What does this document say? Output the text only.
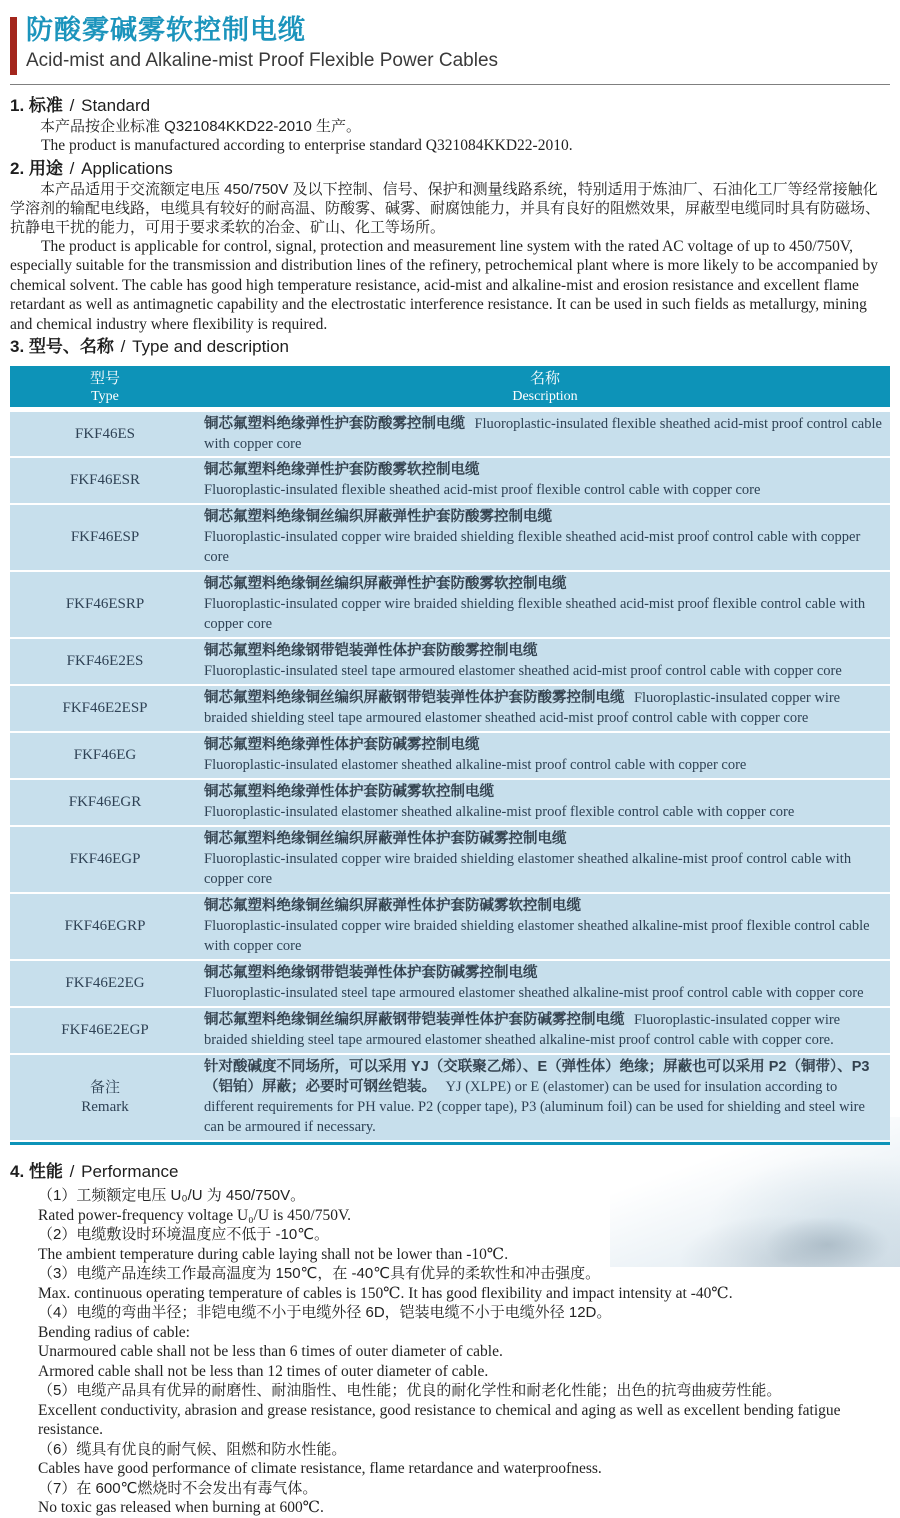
防酸雾碱雾软控制电缆
Acid-mist and Alkaline-mist Proof Flexible Power Cables
1. 标准 / Standard

本产品按企业标准 Q321084KKD22-2010 生产。

The product is manufactured according to enterprise standard Q321084KKD22-2010.

2. 用途 / Applications

本产品适用于交流额定电压 450/750V 及以下控制、信号、保护和测量线路系统，特别适用于炼油厂、石油化工厂等经常接触化学溶剂的输配电线路，电缆具有较好的耐高温、防酸雾、碱雾、耐腐蚀能力，并具有良好的阻燃效果，屏蔽型电缆同时具有防磁场、抗静电干扰的能力，可用于要求柔软的冶金、矿山、化工等场所。

The product is applicable for control, signal, protection and measurement line system with the rated AC voltage of up to 450/750V, especially suitable for the transmission and distribution lines of the refinery, petrochemical plant where is more likely to be accompanied by chemical solvent. The cable has good high temperature resistance, acid-mist and alkaline-mist and erosion resistance and excellent flame retardant as well as antimagnetic capability and the electrostatic interference resistance. It can be used in such fields as metallurgy, mining and chemical industry where flexibility is required.

3. 型号、名称 / Type and description
型号
Type
名称
Description
FKF46ES
铜芯氟塑料绝缘弹性护套防酸雾控制电缆 Fluoroplastic-insulated flexible sheathed acid-mist proof control cable with copper core
FKF46ESR
铜芯氟塑料绝缘弹性护套防酸雾软控制电缆
Fluoroplastic-insulated flexible sheathed acid-mist proof flexible control cable with copper core
FKF46ESP
铜芯氟塑料绝缘铜丝编织屏蔽弹性护套防酸雾控制电缆
Fluoroplastic-insulated copper wire braided shielding flexible sheathed acid-mist proof control cable with copper core
FKF46ESRP
铜芯氟塑料绝缘铜丝编织屏蔽弹性护套防酸雾软控制电缆
Fluoroplastic-insulated copper wire braided shielding flexible sheathed acid-mist proof flexible control cable with copper core
FKF46E2ES
铜芯氟塑料绝缘钢带铠装弹性体护套防酸雾控制电缆
Fluoroplastic-insulated steel tape armoured elastomer sheathed acid-mist proof control cable with copper core
FKF46E2ESP
铜芯氟塑料绝缘铜丝编织屏蔽钢带铠装弹性体护套防酸雾控制电缆 Fluoroplastic-insulated copper wire braided shielding steel tape armoured elastomer sheathed acid-mist proof control cable with copper core
FKF46EG
铜芯氟塑料绝缘弹性体护套防碱雾控制电缆
Fluoroplastic-insulated elastomer sheathed alkaline-mist proof control cable with copper core
FKF46EGR
铜芯氟塑料绝缘弹性体护套防碱雾软控制电缆
Fluoroplastic-insulated elastomer sheathed alkaline-mist proof flexible control cable with copper core
FKF46EGP
铜芯氟塑料绝缘铜丝编织屏蔽弹性体护套防碱雾控制电缆
Fluoroplastic-insulated copper wire braided shielding elastomer sheathed alkaline-mist proof control cable with copper core
FKF46EGRP
铜芯氟塑料绝缘铜丝编织屏蔽弹性体护套防碱雾软控制电缆
Fluoroplastic-insulated copper wire braided shielding elastomer sheathed alkaline-mist proof flexible control cable with copper core
FKF46E2EG
铜芯氟塑料绝缘钢带铠装弹性体护套防碱雾控制电缆
Fluoroplastic-insulated steel tape armoured elastomer sheathed alkaline-mist proof control cable with copper core
FKF46E2EGP
铜芯氟塑料绝缘铜丝编织屏蔽钢带铠装弹性体护套防碱雾控制电缆 Fluoroplastic-insulated copper wire braided shielding steel tape armoured elastomer sheathed alkaline-mist proof control cable with copper core.
备注
Remark
针对酸碱度不同场所，可以采用 YJ（交联聚乙烯）、E（弹性体）绝缘；屏蔽也可以采用 P2（铜带）、P3（铝铂）屏蔽；必要时可钢丝铠装。 YJ (XLPE) or E (elastomer) can be used for insulation according to different requirements for PH value. P2 (copper tape), P3 (aluminum foil) can be used for shielding and steel wire can be armoured if necessary.
4. 性能 / Performance
（1）工频额定电压 U₀/U 为 450/750V。
Rated power-frequency voltage U₀/U is 450/750V.
（2）电缆敷设时环境温度应不低于 -10℃。
The ambient temperature during cable laying shall not be lower than -10℃.
（3）电缆产品连续工作最高温度为 150℃，在 -40℃具有优异的柔软性和冲击强度。
Max. continuous operating temperature of cables is 150℃. It has good flexibility and impact intensity at -40℃.
（4）电缆的弯曲半径；非铠电缆不小于电缆外径 6D，铠装电缆不小于电缆外径 12D。
Bending radius of cable:
Unarmoured cable shall not be less than 6 times of outer diameter of cable.
Armored cable shall not be less than 12 times of outer diameter of cable.
（5）电缆产品具有优异的耐磨性、耐油脂性、电性能；优良的耐化学性和耐老化性能；出色的抗弯曲疲劳性能。
Excellent conductivity, abrasion and grease resistance, good resistance to chemical and aging as well as excellent bending fatigue resistance.
（6）缆具有优良的耐气候、阻燃和防水性能。
Cables have good performance of climate resistance, flame retardance and waterproofness.
（7）在 600℃燃烧时不会发出有毒气体。
No toxic gas released when burning at 600℃.
